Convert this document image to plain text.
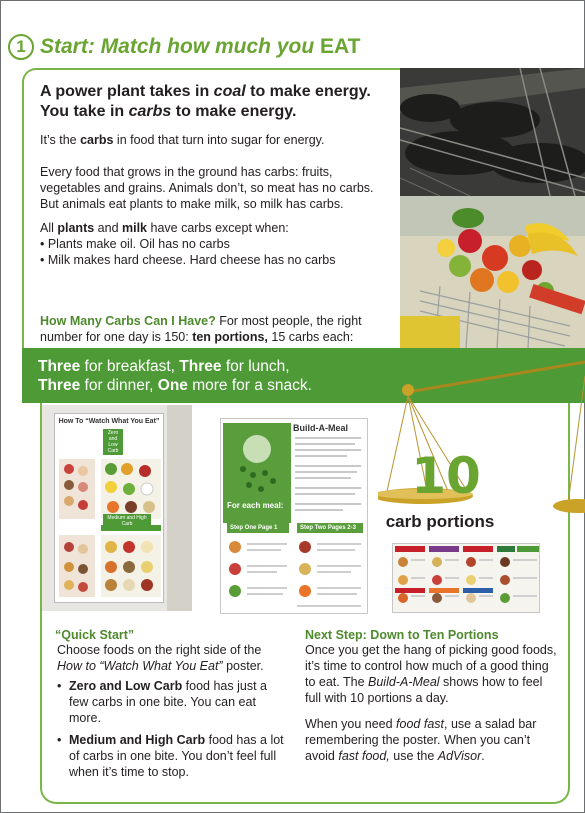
1 Start: Match how much you EAT
A power plant takes in coal to make energy.
You take in carbs to make energy.
It’s the carbs in food that turn into sugar for energy.
Every food that grows in the ground has carbs: fruits, vegetables and grains. Animals don’t, so meat has no carbs. But animals eat plants to make milk, so milk has carbs.
All plants and milk have carbs except when:
• Plants make oil. Oil has no carbs
• Milk makes hard cheese. Hard cheese has no carbs
How Many Carbs Can I Have? For most people, the right number for one day is 150: ten portions, 15 carbs each:
Three for breakfast, Three for lunch,
Three for dinner, One more for a snack.
10
carb portions
How To “Watch What You Eat”
Zero and Low Carb
Medium and High Carb
For each meal:
Build-A-Meal
Step One Page 1	Step Two Pages 2-3
“Quick Start”
Choose foods on the right side of the How to “Watch What You Eat” poster.
• Zero and Low Carb food has just a few carbs in one bite. You can eat more.
• Medium and High Carb food has a lot of carbs in one bite. You don’t feel full when it’s time to stop.
Next Step: Down to Ten Portions
Once you get the hang of picking good foods, it’s time to control how much of a good thing to eat. The Build-A-Meal shows how to feel full with 10 portions a day.
When you need food fast, use a salad bar remembering the poster. When you can’t avoid fast food, use the AdVisor.
